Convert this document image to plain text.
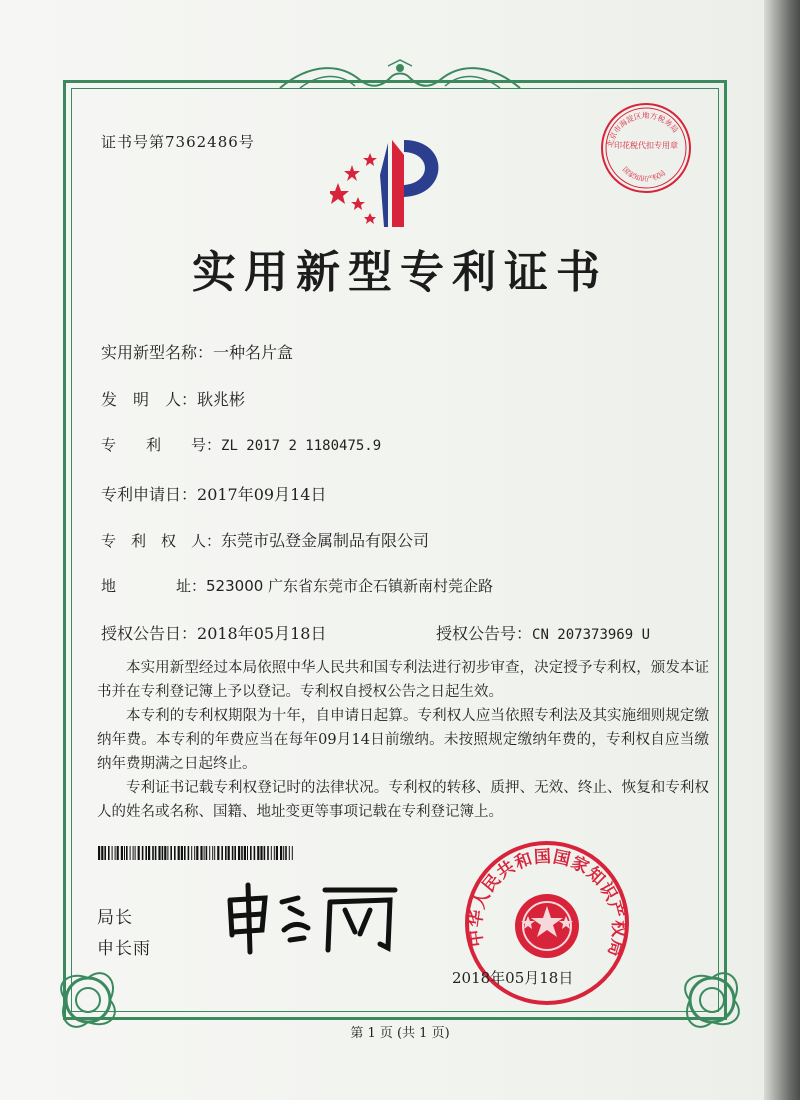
证书号第7362486号	北京市海淀区地方税务局
印花税代扣专用章
国家知识产权局
实用新型专利证书
实用新型名称：一种名片盒
发　明　人：耿兆彬
专　　利　　号：ZL 2017 2 1180475.9
专利申请日：2017年09月14日
专　利　权　人：东莞市弘登金属制品有限公司
地　　　　址：523000 广东省东莞市企石镇新南村莞企路
授权公告日：2018年05月18日	授权公告号：CN 207373969 U

本实用新型经过本局依照中华人民共和国专利法进行初步审查，决定授予专利权，颁发本证书并在专利登记簿上予以登记。专利权自授权公告之日起生效。

本专利的专利权期限为十年，自申请日起算。专利权人应当依照专利法及其实施细则规定缴纳年费。本专利的年费应当在每年09月14日前缴纳。未按照规定缴纳年费的，专利权自应当缴纳年费期满之日起终止。

专利证书记载专利权登记时的法律状况。专利权的转移、质押、无效、终止、恢复和专利权人的姓名或名称、国籍、地址变更等事项记载在专利登记簿上。

局长
申长雨
中华人民共和国国家知识产权局
2018年05月18日
第 1 页 (共 1 页)
